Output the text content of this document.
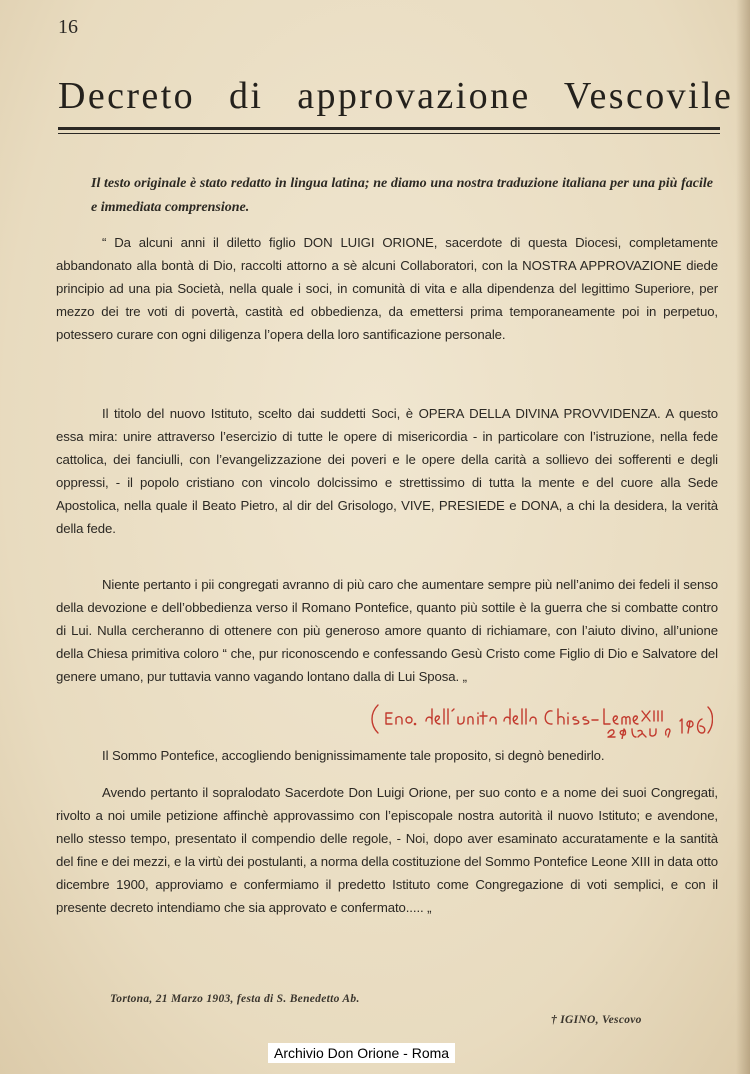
16
Decreto di approvazione Vescovile
Il testo originale è stato redatto in lingua latina; ne diamo una nostra traduzione italiana per una più facile e immediata comprensione.
“ Da alcuni anni il diletto figlio DON LUIGI ORIONE, sacerdote di questa Diocesi, completamente abbandonato alla bontà di Dio, raccolti attorno a sè alcuni Collaboratori, con la NOSTRA APPROVAZIONE diede principio ad una pia Società, nella quale i soci, in comunità di vita e alla dipendenza del legittimo Superiore, per mezzo dei tre voti di povertà, castità ed obbedienza, da emettersi prima temporaneamente poi in perpetuo, potessero curare con ogni diligenza l’opera della loro santificazione personale.
Il titolo del nuovo Istituto, scelto dai suddetti Soci, è OPERA DELLA DIVINA PROVVIDENZA. A questo essa mira: unire attraverso l’esercizio di tutte le opere di misericordia - in particolare con l’istruzione, nella fede cattolica, dei fanciulli, con l’evangelizzazione dei poveri e le opere della carità a sollievo dei sofferenti e degli oppressi, - il popolo cristiano con vincolo dolcissimo e strettissimo di tutta la mente e del cuore alla Sede Apostolica, nella quale il Beato Pietro, al dir del Grisologo, VIVE, PRESIEDE e DONA, a chi la desidera, la verità della fede.
Niente pertanto i pii congregati avranno di più caro che aumentare sempre più nell’animo dei fedeli il senso della devozione e dell’obbedienza verso il Romano Pontefice, quanto più sottile è la guerra che si combatte contro di Lui. Nulla cercheranno di ottenere con più generoso amore quanto di richiamare, con l’aiuto divino, all’unione della Chiesa primitiva coloro “ che, pur riconoscendo e confessando Gesù Cristo come Figlio di Dio e Salvatore del genere umano, pur tuttavia vanno vagando lontano dalla di Lui Sposa. „
Il Sommo Pontefice, accogliendo benignissimamente tale proposito, si degnò benedirlo.
Avendo pertanto il sopralodato Sacerdote Don Luigi Orione, per suo conto e a nome dei suoi Congregati, rivolto a noi umile petizione affinchè approvassimo con l’episcopale nostra autorità il nuovo Istituto; e avendone, nello stesso tempo, presentato il compendio delle regole, - Noi, dopo aver esaminato accuratamente e la santità del fine e dei mezzi, e la virtù dei postulanti, a norma della costituzione del Sommo Pontefice Leone XIII in data otto dicembre 1900, approviamo e confermiamo il predetto Istituto come Congregazione di voti semplici, e con il presente decreto intendiamo che sia approvato e confermato..... „
Tortona, 21 Marzo 1903, festa di S. Benedetto Ab.
† IGINO, Vescovo
Archivio Don Orione - Roma
